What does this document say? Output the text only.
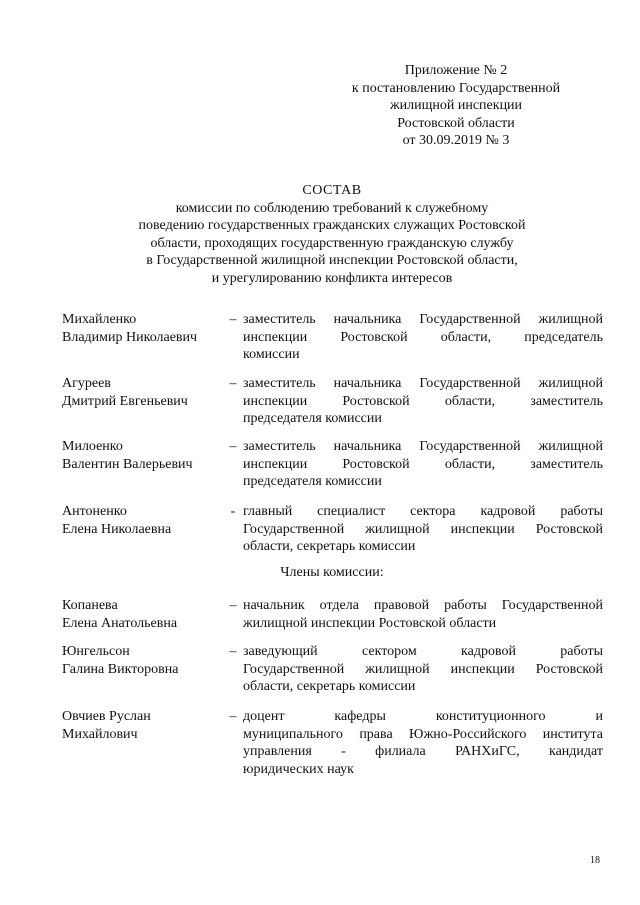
Приложение № 2
к постановлению Государственной
жилищной инспекции
Ростовской области
от 30.09.2019 № 3
СОСТАВ
комиссии по соблюдению требований к служебному
поведению государственных гражданских служащих Ростовской
области, проходящих государственную гражданскую службу
в Государственной жилищной инспекции Ростовской области,
и урегулированию конфликта интересов
Михайленко
Владимир Николаевич
– заместитель начальника Государственной жилищной
инспекции Ростовской области, председатель
комиссии
Агуреев
Дмитрий Евгеньевич
– заместитель начальника Государственной жилищной
инспекции Ростовской области, заместитель
председателя комиссии
Милоенко
Валентин Валерьевич
– заместитель начальника Государственной жилищной
инспекции Ростовской области, заместитель
председателя комиссии
Антоненко
Елена Николаевна
- главный специалист сектора кадровой работы
Государственной жилищной инспекции Ростовской
области, секретарь комиссии
Члены комиссии:
Копанева
Елена Анатольевна
– начальник отдела правовой работы Государственной
жилищной инспекции Ростовской области
Юнгельсон
Галина Викторовна
– заведующий сектором кадровой работы
Государственной жилищной инспекции Ростовской
области, секретарь комиссии
Овчиев Руслан
Михайлович
– доцент кафедры конституционного и
муниципального права Южно-Российского института
управления - филиала РАНХиГС, кандидат
юридических наук
18
